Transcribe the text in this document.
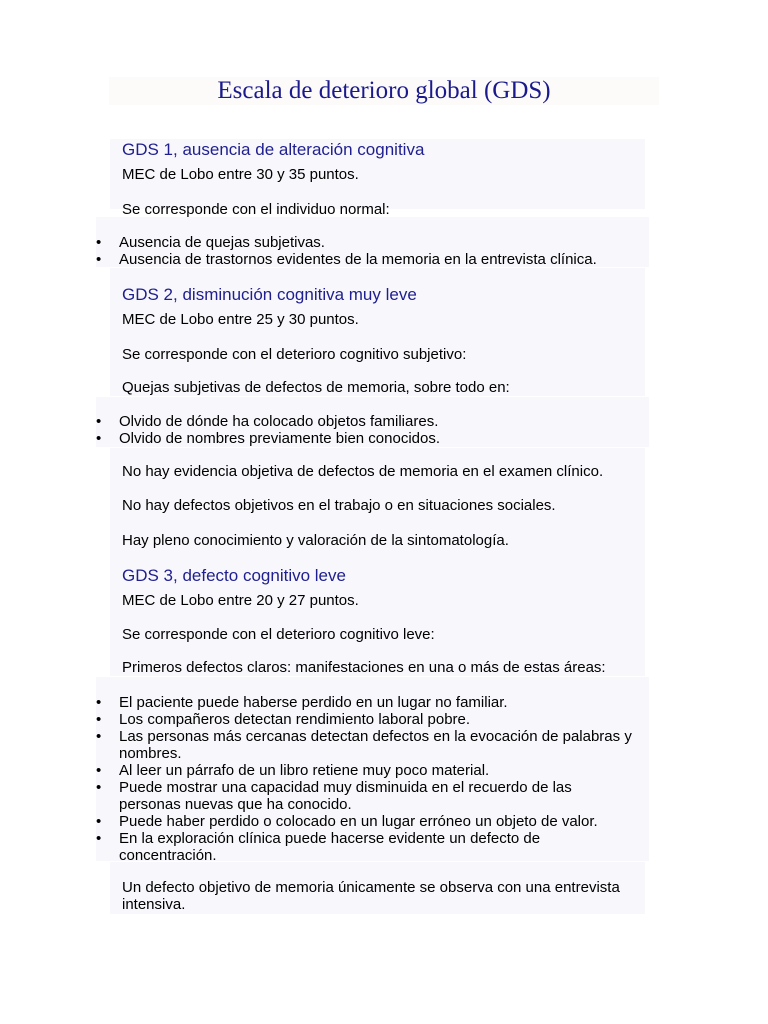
Escala de deterioro global (GDS)
GDS 1, ausencia de alteración cognitiva

MEC de Lobo entre 30 y 35 puntos.

Se corresponde con el individuo normal:

•	Ausencia de quejas subjetivas.
•	Ausencia de trastornos evidentes de la memoria en la entrevista clínica.
GDS 2, disminución cognitiva muy leve

MEC de Lobo entre 25 y 30 puntos.

Se corresponde con el deterioro cognitivo subjetivo:

Quejas subjetivas de defectos de memoria, sobre todo en:

•	Olvido de dónde ha colocado objetos familiares.
•	Olvido de nombres previamente bien conocidos.

No hay evidencia objetiva de defectos de memoria en el examen clínico.

No hay defectos objetivos en el trabajo o en situaciones sociales.

Hay pleno conocimiento y valoración de la sintomatología.

GDS 3, defecto cognitivo leve

MEC de Lobo entre 20 y 27 puntos.

Se corresponde con el deterioro cognitivo leve:

Primeros defectos claros: manifestaciones en una o más de estas áreas:

•	El paciente puede haberse perdido en un lugar no familiar.
•	Los compañeros detectan rendimiento laboral pobre.
•	Las personas más cercanas detectan defectos en la evocación de palabras y
nombres.
•	Al leer un párrafo de un libro retiene muy poco material.
•	Puede mostrar una capacidad muy disminuida en el recuerdo de las
personas nuevas que ha conocido.
•	Puede haber perdido o colocado en un lugar erróneo un objeto de valor.
•	En la exploración clínica puede hacerse evidente un defecto de
concentración.

Un defecto objetivo de memoria únicamente se observa con una entrevista
intensiva.
